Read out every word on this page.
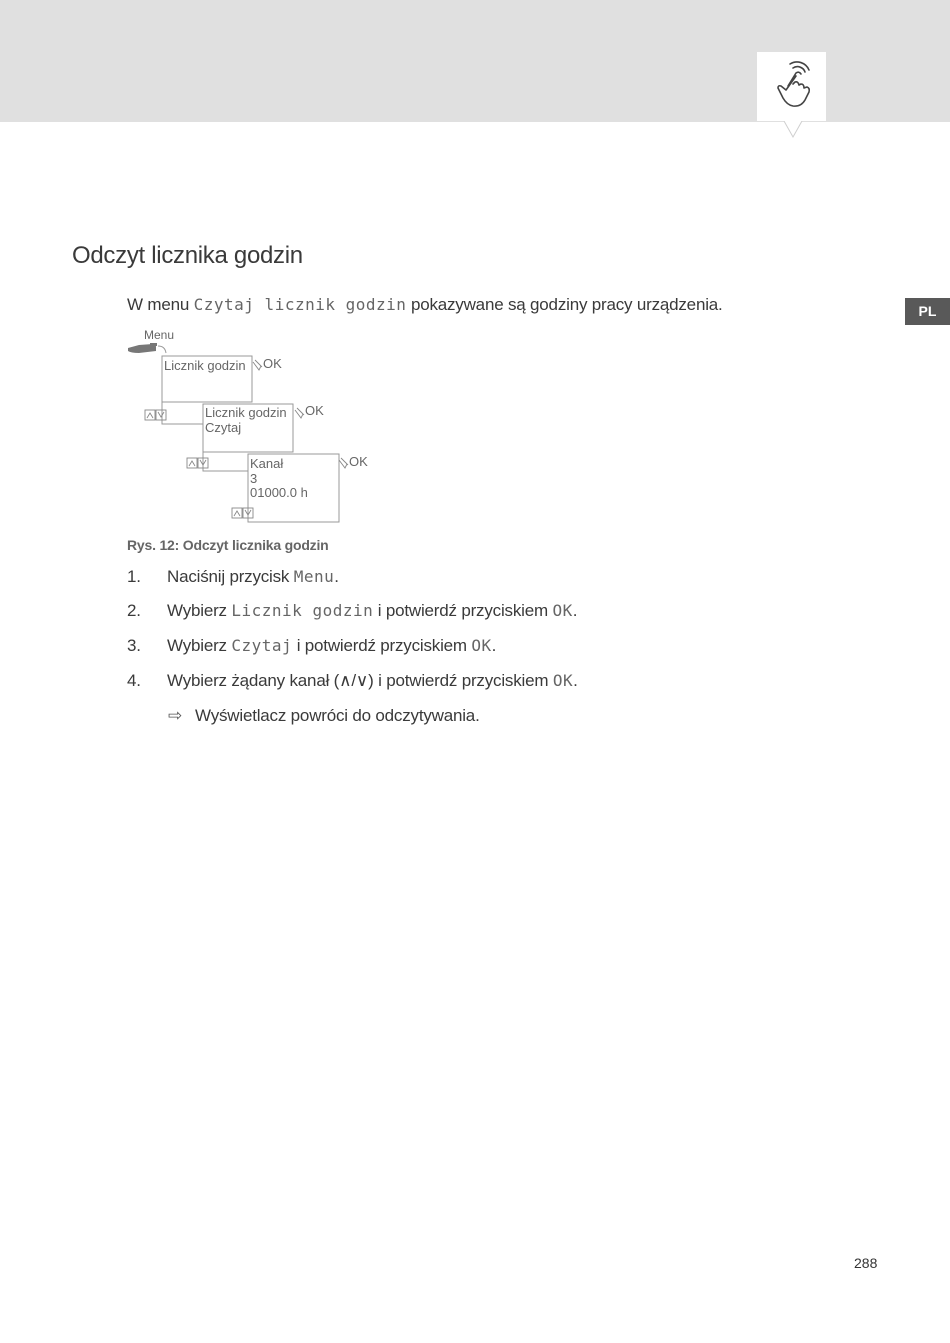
PL
Odczyt licznika godzin
W menu Czytaj licznik godzin pokazywane są godziny pracy urządzenia.
Menu
Licznik godzin
Licznik godzin
Czytaj
Kanał
3
01000.0 h
OK
OK
OK
Rys. 12: Odczyt licznika godzin
1. Naciśnij przycisk Menu.
2. Wybierz Licznik godzin i potwierdź przyciskiem OK.
3. Wybierz Czytaj i potwierdź przyciskiem OK.
4. Wybierz żądany kanał (∧/∨) i potwierdź przyciskiem OK.
⇨ Wyświetlacz powróci do odczytywania.
288
